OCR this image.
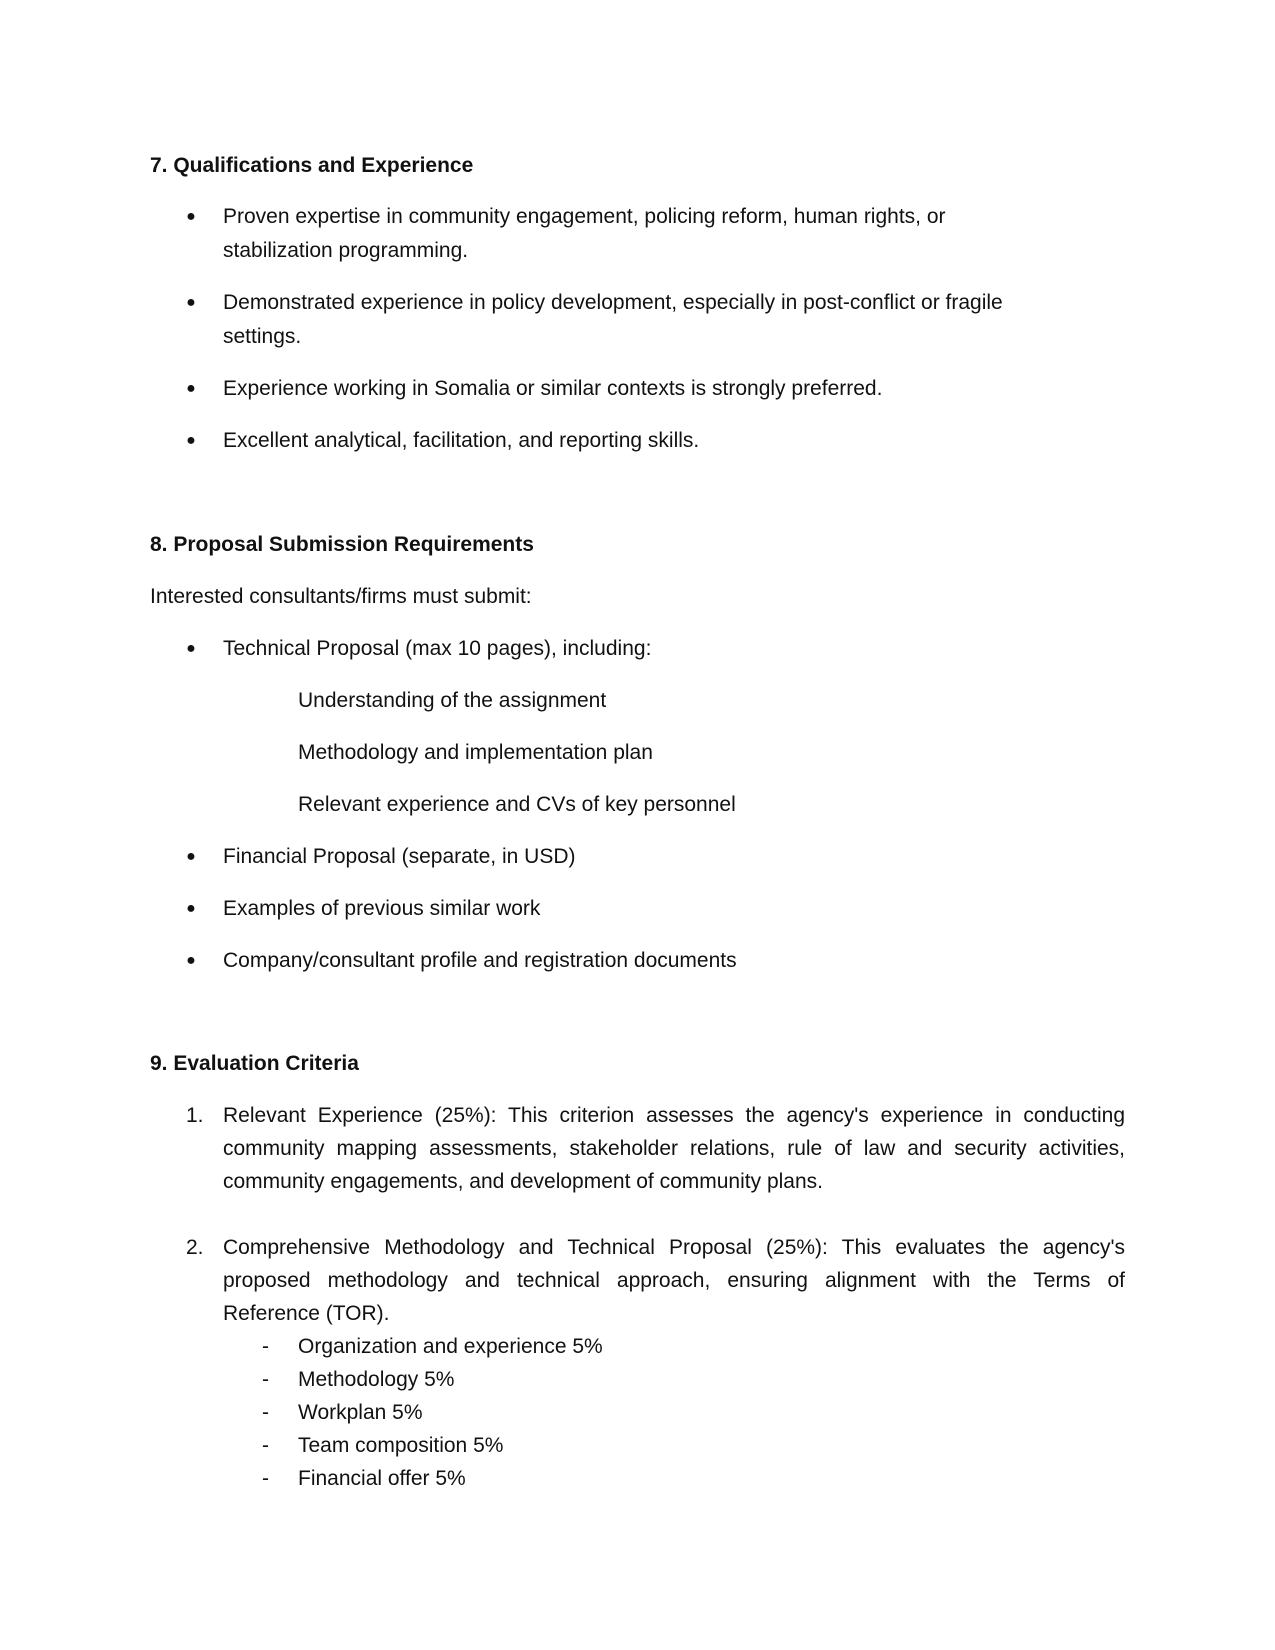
7. Qualifications and Experience
● Proven expertise in community engagement, policing reform, human rights, or
stabilization programming.
● Demonstrated experience in policy development, especially in post-conflict or fragile
settings.
● Experience working in Somalia or similar contexts is strongly preferred.
● Excellent analytical, facilitation, and reporting skills.
8. Proposal Submission Requirements
Interested consultants/firms must submit:
● Technical Proposal (max 10 pages), including:
Understanding of the assignment
Methodology and implementation plan
Relevant experience and CVs of key personnel
● Financial Proposal (separate, in USD)
● Examples of previous similar work
● Company/consultant profile and registration documents
9. Evaluation Criteria
1. Relevant Experience (25%): This criterion assesses the agency's experience in conducting
community mapping assessments, stakeholder relations, rule of law and security activities,
community engagements, and development of community plans.
2. Comprehensive Methodology and Technical Proposal (25%): This evaluates the agency's
proposed methodology and technical approach, ensuring alignment with the Terms of
Reference (TOR).
- Organization and experience 5%
- Methodology 5%
- Workplan 5%
- Team composition 5%
- Financial offer 5%
